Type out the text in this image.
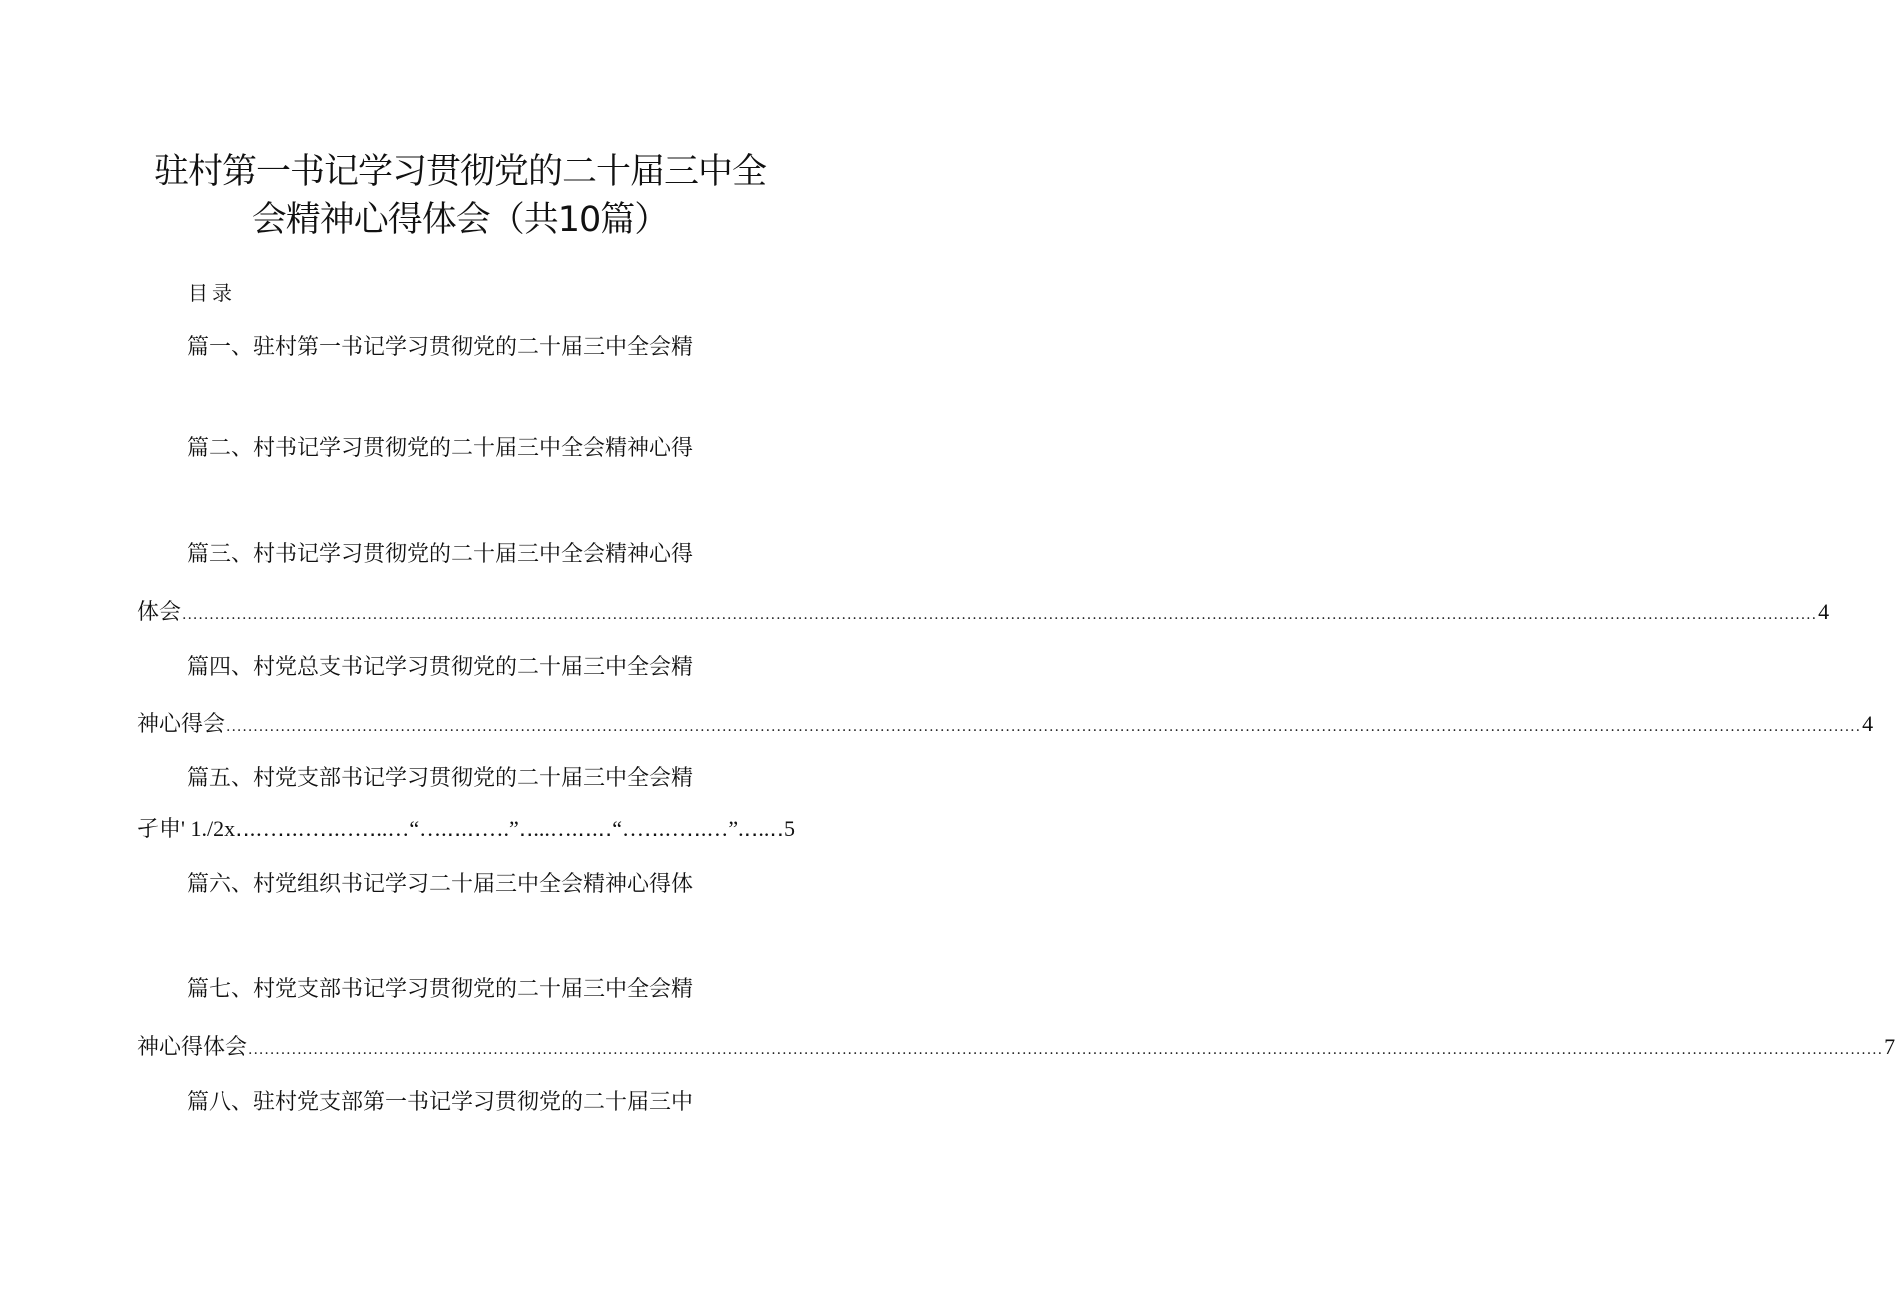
驻村第一书记学习贯彻党的二十届三中全
会精神心得体会（共10篇）
目录
篇一、驻村第一书记学习贯彻党的二十届三中全会精
篇二、村书记学习贯彻党的二十届三中全会精神心得
篇三、村书记学习贯彻党的二十届三中全会精神心得
体会 ............................................................................................................................................................................................................................................................................................................ 4
篇四、村党总支书记学习贯彻党的二十届三中全会精
神心得会 ............................................................................................................................................................................................................................................................................................................ 4
篇五、村党支部书记学习贯彻党的二十届三中全会精
孑申' 1./2x‥.…‥.…‥.…‥..…“….‥.‥….”‥...….‥.‥“…‥.…‥.…”.‥..‥5
篇六、村党组织书记学习二十届三中全会精神心得体
篇七、村党支部书记学习贯彻党的二十届三中全会精
神心得体会 ............................................................................................................................................................................................................................................................................................................ 7
篇八、驻村党支部第一书记学习贯彻党的二十届三中
